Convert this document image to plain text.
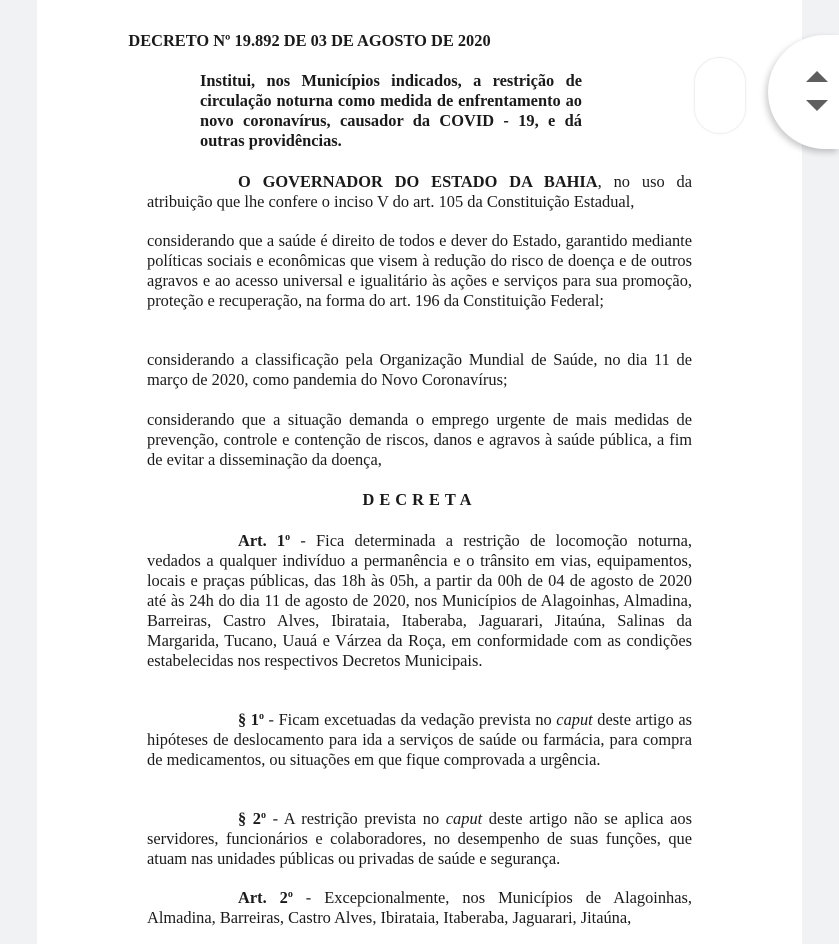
DECRETO Nº 19.892 DE 03 DE AGOSTO DE 2020

Institui, nos Municípios indicados, a restrição de circulação noturna como medida de enfrentamento ao novo coronavírus, causador da COVID - 19, e dá outras providências.

O GOVERNADOR DO ESTADO DA BAHIA, no uso da atribuição que lhe confere o inciso V do art. 105 da Constituição Estadual,

considerando que a saúde é direito de todos e dever do Estado, garantido mediante políticas sociais e econômicas que visem à redução do risco de doença e de outros agravos e ao acesso universal e igualitário às ações e serviços para sua promoção, proteção e recuperação, na forma do art. 196 da Constituição Federal;

considerando a classificação pela Organização Mundial de Saúde, no dia 11 de março de 2020, como pandemia do Novo Coronavírus;

considerando que a situação demanda o emprego urgente de mais medidas de prevenção, controle e contenção de riscos, danos e agravos à saúde pública, a fim de evitar a disseminação da doença,

DECRETA

Art. 1$^o$ - Fica determinada a restrição de locomoção noturna, vedados a qualquer indivíduo a permanência e o trânsito em vias, equipamentos, locais e praças públicas, das 18h às 05h, a partir da 00h de 04 de agosto de 2020 até às 24h do dia 11 de agosto de 2020, nos Municípios de Alagoinhas, Almadina, Barreiras, Castro Alves, Ibirataia, Itaberaba, Jaguarari, Jitaúna, Salinas da Margarida, Tucano, Uauá e Várzea da Roça, em conformidade com as condições estabelecidas nos respectivos Decretos Municipais.

§ 1$^o$ - Ficam excetuadas da vedação prevista no caput deste artigo as hipóteses de deslocamento para ida a serviços de saúde ou farmácia, para compra de medicamentos, ou situações em que fique comprovada a urgência.

§ 2$^o$ - A restrição prevista no caput deste artigo não se aplica aos servidores, funcionários e colaboradores, no desempenho de suas funções, que atuam nas unidades públicas ou privadas de saúde e segurança.

Art. 2$^o$ - Excepcionalmente, nos Municípios de Alagoinhas, Almadina, Barreiras, Castro Alves, Ibirataia, Itaberaba, Jaguarari, Jitaúna,
